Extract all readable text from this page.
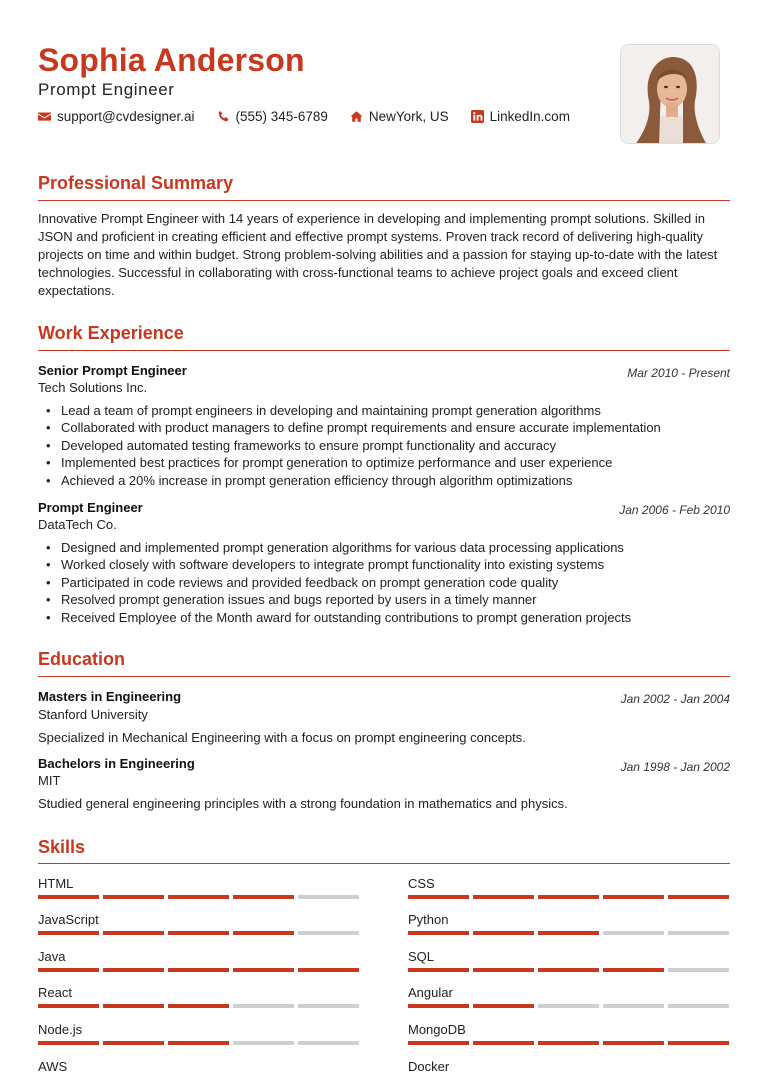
Sophia Anderson
Prompt Engineer
support@cvdesigner.ai	(555) 345-6789	NewYork, US	LinkedIn.com
Professional Summary
Innovative Prompt Engineer with 14 years of experience in developing and implementing prompt solutions. Skilled in JSON and proficient in creating efficient and effective prompt systems. Proven track record of delivering high-quality projects on time and within budget. Strong problem-solving abilities and a passion for staying up-to-date with the latest technologies. Successful in collaborating with cross-functional teams to achieve project goals and exceed client expectations.
Work Experience
Senior Prompt Engineer	Mar 2010 - Present
Tech Solutions Inc.
• Lead a team of prompt engineers in developing and maintaining prompt generation algorithms
• Collaborated with product managers to define prompt requirements and ensure accurate implementation
• Developed automated testing frameworks to ensure prompt functionality and accuracy
• Implemented best practices for prompt generation to optimize performance and user experience
• Achieved a 20% increase in prompt generation efficiency through algorithm optimizations
Prompt Engineer	Jan 2006 - Feb 2010
DataTech Co.
• Designed and implemented prompt generation algorithms for various data processing applications
• Worked closely with software developers to integrate prompt functionality into existing systems
• Participated in code reviews and provided feedback on prompt generation code quality
• Resolved prompt generation issues and bugs reported by users in a timely manner
• Received Employee of the Month award for outstanding contributions to prompt generation projects
Education
Masters in Engineering	Jan 2002 - Jan 2004
Stanford University
Specialized in Mechanical Engineering with a focus on prompt engineering concepts.
Bachelors in Engineering	Jan 1998 - Jan 2002
MIT
Studied general engineering principles with a strong foundation in mathematics and physics.
Skills
HTML	CSS
JavaScript	Python
Java	SQL
React	Angular
Node.js	MongoDB
AWS	Docker
